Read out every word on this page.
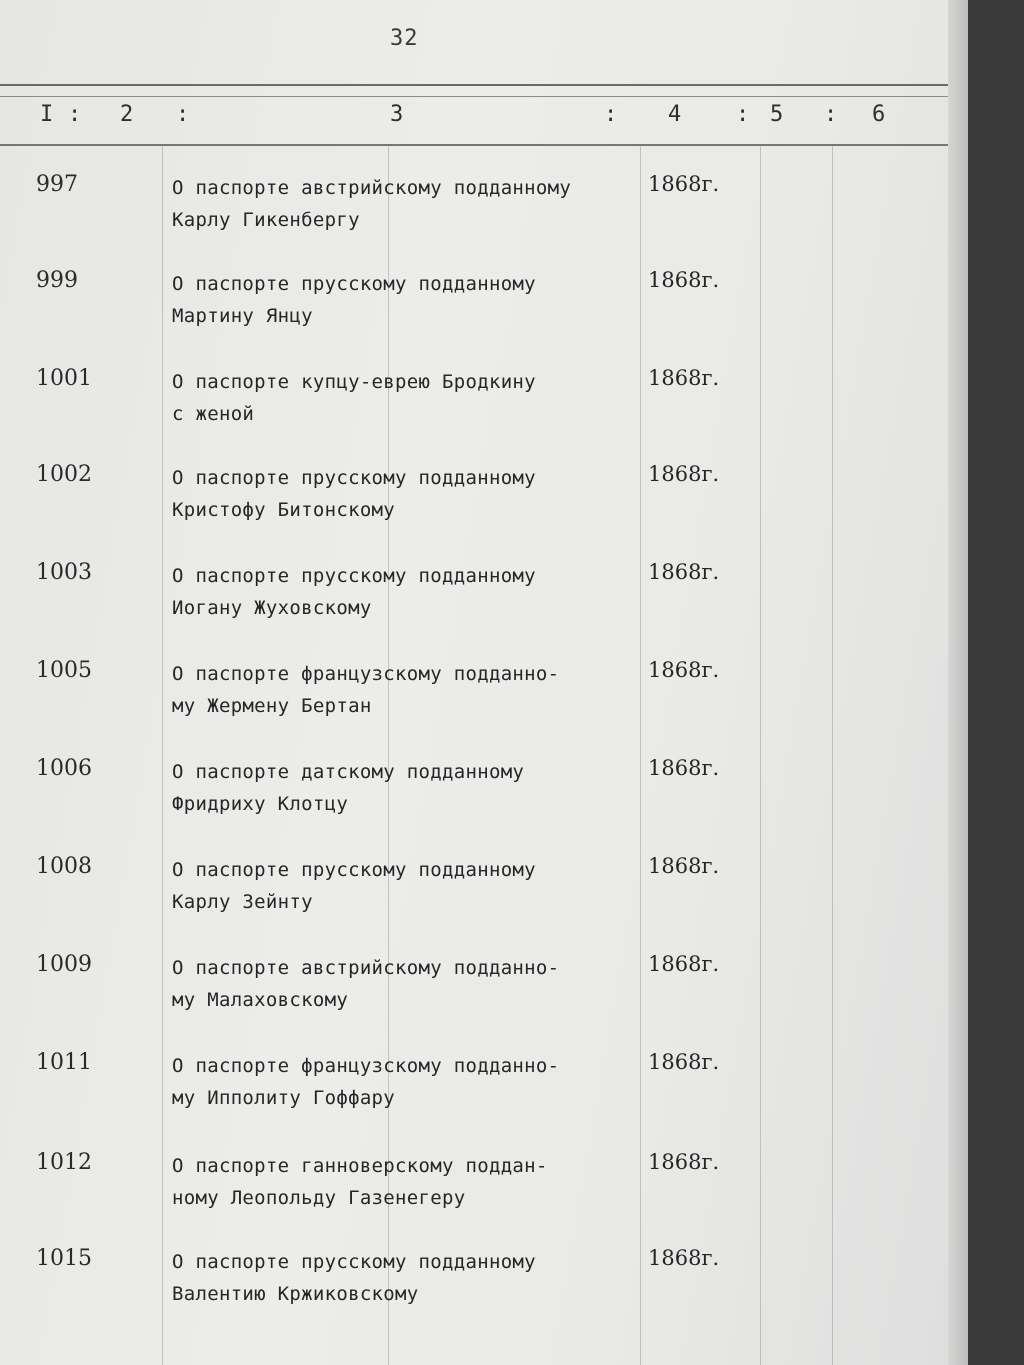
32
I : 2 :	3	: 4 : 5 : 6
997	О паспорте австрийскому подданному
Карлу Гикенбергу
1868г.
999	О паспорте прусскому подданному
Мартину Янцу
1868г.
1001	О паспорте купцу-еврею Бродкину
с женой
1868г.
1002	О паспорте прусскому подданному
Кристофу Битонскому
1868г.
1003	О паспорте прусскому подданному
Иогану Жуховскому
1868г.
1005	О паспорте французскому подданно-
му Жермену Бертан
1868г.
1006	О паспорте датскому подданному
Фридриху Клотцу
1868г.
1008	О паспорте прусскому подданному
Карлу Зейнту
1868г.
1009	О паспорте австрийскому подданно-
му Малаховскому
1868г.
1011	О паспорте французскому подданно-
му Ипполиту Гоффару
1868г.
1012	О паспорте ганноверскому поддан-
ному Леопольду Газенегеру
1868г.
1015	О паспорте прусскому подданному
Валентию Кржиковскому
1868г.
